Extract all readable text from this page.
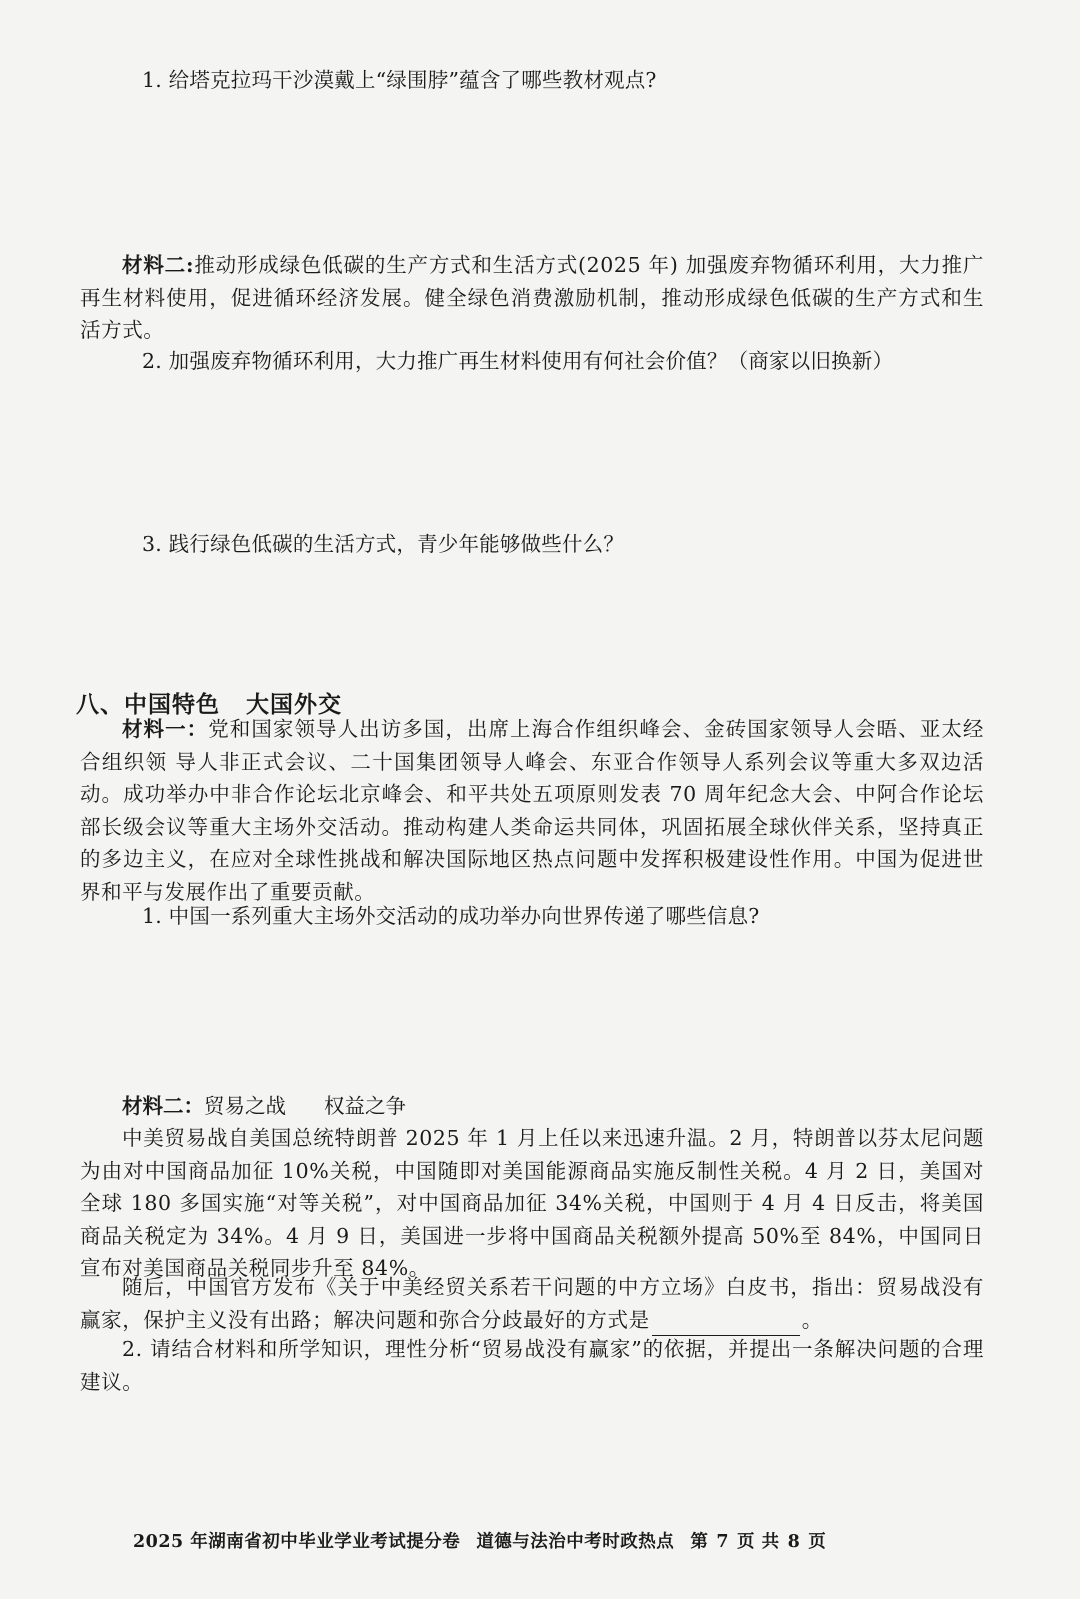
1. 给塔克拉玛干沙漠戴上“绿围脖”蕴含了哪些教材观点?
材料二:推动形成绿色低碳的生产方式和生活方式(2025 年) 加强废弃物循环利用，大力推广再生材料使用，促进循环经济发展。健全绿色消费激励机制，推动形成绿色低碳的生产方式和生活方式。
2. 加强废弃物循环利用，大力推广再生材料使用有何社会价值？（商家以旧换新）
3. 践行绿色低碳的生活方式，青少年能够做些什么？
八、中国特色 大国外交
材料一：党和国家领导人出访多国，出席上海合作组织峰会、金砖国家领导人会晤、亚太经合组织领 导人非正式会议、二十国集团领导人峰会、东亚合作领导人系列会议等重大多双边活动。成功举办中非合作论坛北京峰会、和平共处五项原则发表 70 周年纪念大会、中阿合作论坛部长级会议等重大主场外交活动。推动构建人类命运共同体，巩固拓展全球伙伴关系，坚持真正的多边主义，在应对全球性挑战和解决国际地区热点问题中发挥积极建设性作用。中国为促进世界和平与发展作出了重要贡献。
1. 中国一系列重大主场外交活动的成功举办向世界传递了哪些信息?
材料二：贸易之战 权益之争
中美贸易战自美国总统特朗普 2025 年 1 月上任以来迅速升温。2 月，特朗普以芬太尼问题为由对中国商品加征 10%关税，中国随即对美国能源商品实施反制性关税。4 月 2 日，美国对全球 180 多国实施“对等关税”，对中国商品加征 34%关税，中国则于 4 月 4 日反击，将美国商品关税定为 34%。4 月 9 日，美国进一步将中国商品关税额外提高 50%至 84%，中国同日宣布对美国商品关税同步升至 84%。
随后，中国官方发布《关于中美经贸关系若干问题的中方立场》白皮书，指出：贸易战没有赢家，保护主义没有出路；解决问题和弥合分歧最好的方式是	。
2. 请结合材料和所学知识，理性分析“贸易战没有赢家”的依据，并提出一条解决问题的合理建议。
2025 年湖南省初中毕业学业考试提分卷 道德与法治中考时政热点 第 7 页 共 8 页
